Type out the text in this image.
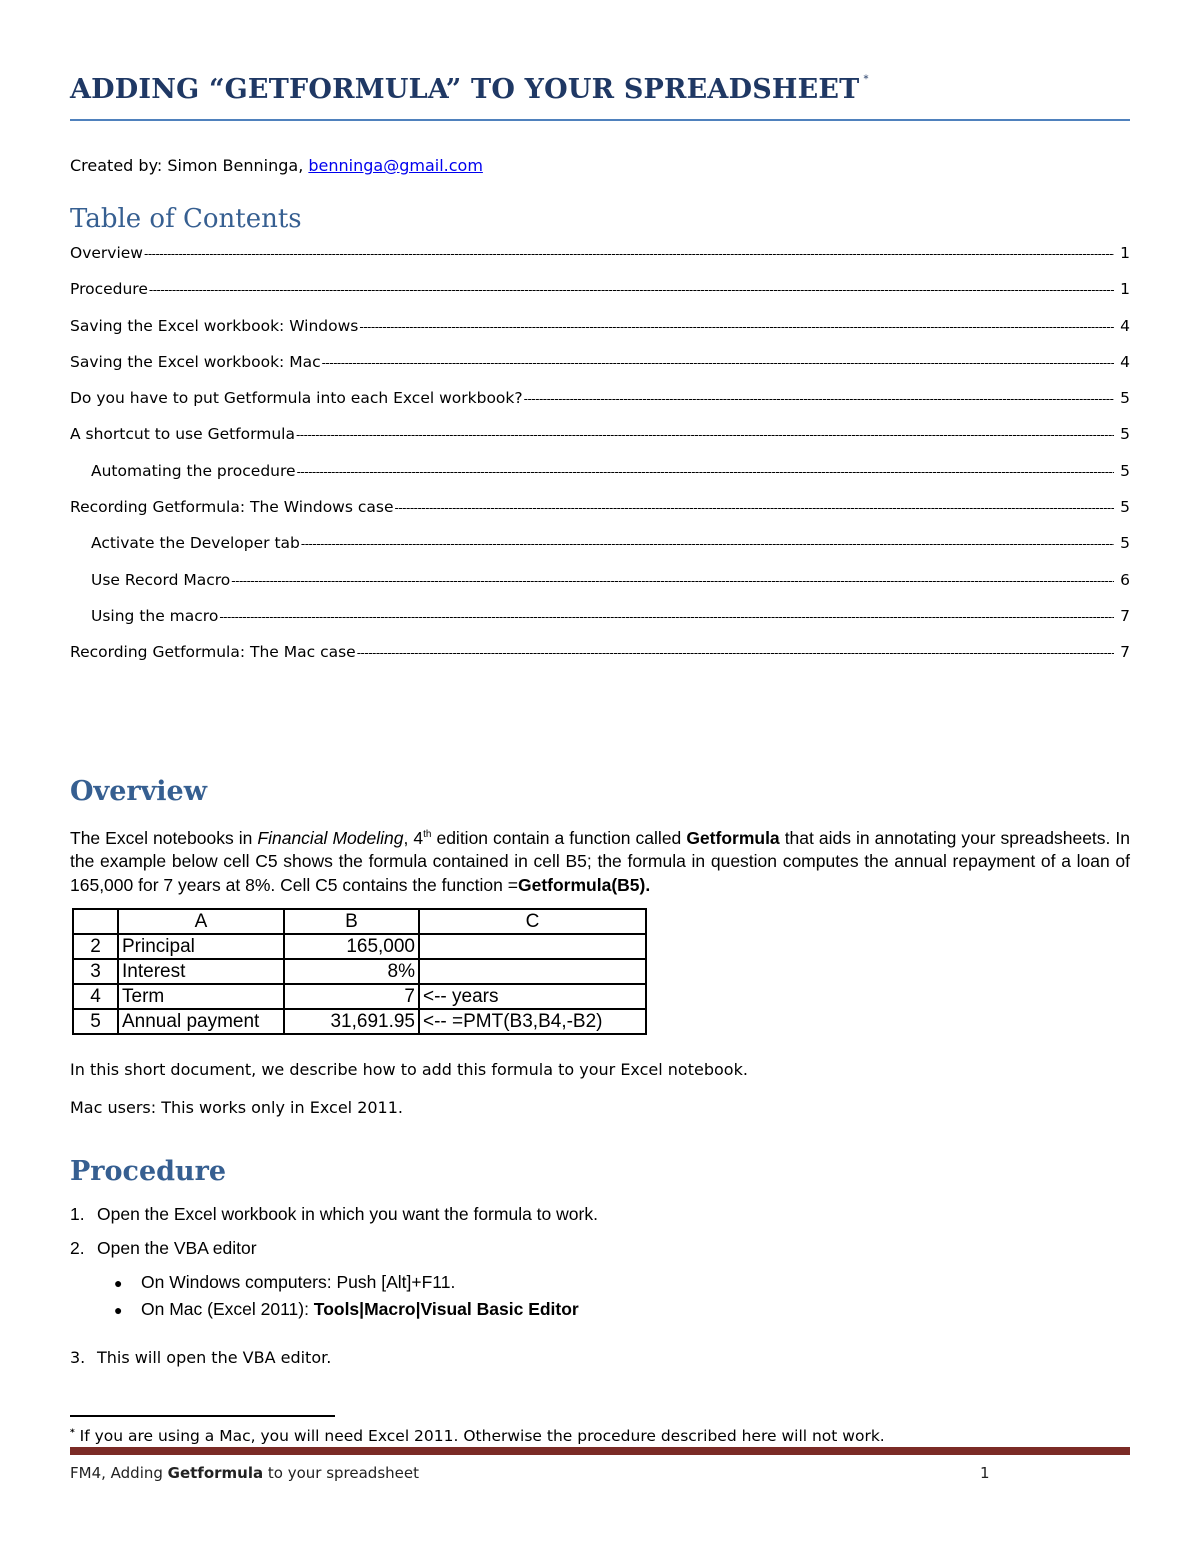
ADDING “GETFORMULA” TO YOUR SPREADSHEET *
Created by: Simon Benninga, benninga@gmail.com
Table of Contents
Overview -----	1
Procedure -----	1
Saving the Excel workbook: Windows -----	4
Saving the Excel workbook: Mac -----	4
Do you have to put Getformula into each Excel workbook? -----	5
A shortcut to use Getformula -----	5
Automating the procedure -----	5
Recording Getformula: The Windows case -----	5
Activate the Developer tab -----	5
Use Record Macro -----	6
Using the macro -----	7
Recording Getformula: The Mac case -----	7
Overview

The Excel notebooks in Financial Modeling, 4th edition contain a function called Getformula that aids in annotating your spreadsheets. In the example below cell C5 shows the formula contained in cell B5; the formula in question computes the annual repayment of a loan of 165,000 for 7 years at 8%. Cell C5 contains the function =Getformula(B5).

	A	B	C
2	Principal	165,000	
3	Interest	8%	
4	Term	7	<-- years
5	Annual payment	31,691.95	<-- =PMT(B3,B4,-B2)
In this short document, we describe how to add this formula to your Excel notebook.
Mac users: This works only in Excel 2011.
Procedure
1. Open the Excel workbook in which you want the formula to work.
2. Open the VBA editor
● On Windows computers: Push [Alt]+F11.
● On Mac (Excel 2011): Tools|Macro|Visual Basic Editor
3. This will open the VBA editor.
* If you are using a Mac, you will need Excel 2011. Otherwise the procedure described here will not work.
FM4, Adding Getformula to your spreadsheet	1
